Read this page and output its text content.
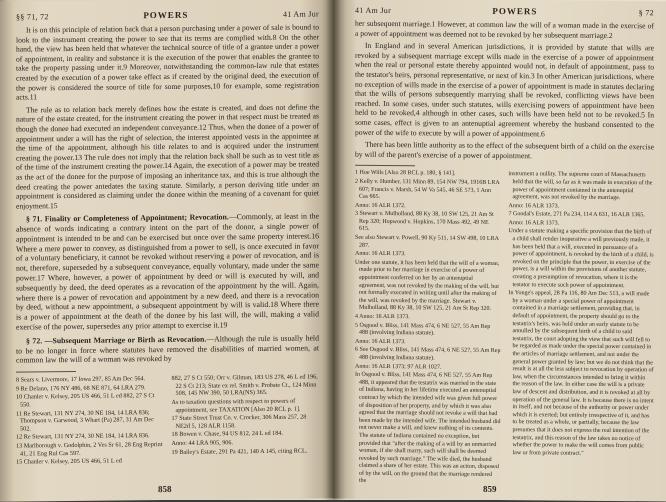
§§ 71, 72	POWERS	41 Am Jur

It is on this principle of relation back that a person purchasing under a power of sale is bound to look to the instrument creating the power to see that its terms are complied with.8 On the other hand, the view has been held that whatever the technical source of title of a grantee under a power of appointment, in reality and substance it is the execution of the power that enables the grantee to take the property passing under it.9 Moreover, notwithstanding the common-law rule that estates created by the execution of a power take effect as if created by the original deed, the execution of the power is considered the source of title for some purposes,10 for example, some registration acts.11

The rule as to relation back merely defines how the estate is created, and does not define the nature of the estate created, for the instrument creating the power in that respect must be treated as though the donee had executed an independent conveyance.12 Thus, when the donee of a power of appointment under a will has the right of selection, the interest appointed vests in the appointee at the time of the appointment, although his title relates to and is acquired under the instrument creating the power.13 The rule does not imply that the relation back shall be such as to vest title as of the time of the instrument creating the power.14 Again, the execution of a power may be treated as the act of the donee for the purpose of imposing an inheritance tax, and this is true although the deed creating the power antedates the taxing statute. Similarly, a person deriving title under an appointment is considered as claiming under the donee within the meaning of a covenant for quiet enjoyment.15

§ 71. Finality or Completeness of Appointment; Revocation.—Commonly, at least in the absence of words indicating a contrary intent on the part of the donor, a single power of appointment is intended to be and can be exercised but once over the same property interest.16 Where a mere power to convey, as distinguished from a power to sell, is once executed in favor of a voluntary beneficiary, it cannot be revoked without reserving a power of revocation, and is not, therefore, superseded by a subsequent conveyance, equally voluntary, made under the same power.17 Where, however, a power of appointment by deed or will is executed by will, and subsequently by deed, the deed operates as a revocation of the appointment by the will. Again, where there is a power of revocation and appointment by a new deed, and there is a revocation by deed, without a new appointment, a subsequent appointment by will is valid.18 Where there is a power of appointment at the death of the donee by his last will, the will, making a valid exercise of the power, supersedes any prior attempt to exercise it.19

§ 72. —Subsequent Marriage or Birth as Revocation.—Although the rule is usually held to be no longer in force where statutes have removed the disabilities of married women, at common law the will of a woman was revoked by

8 Sears v. Livermore, 17 Iowa 297, 85 Am Dec 564.

9 Re Delano, 176 NY 486, 68 NE 871, 64 LRA 279.

10 Chanler v. Kelsey, 205 US 466, 51 L ed 882, 27 S Ct 550.

11 Re Stewart, 131 NY 274, 30 NE 184, 14 LRA 836; Thompson v. Garwood, 3 Whart (Pa) 287, 31 Am Dec 502.

12 Re Stewart, 131 NY 274, 30 NE 184, 14 LRA 836.

13 Marlborough v. Godolphin, 2 Ves Sr 61, 28 Eng Reprint 41, 21 Eng Rul Cas 597.

15 Chanler v. Kelsey, 205 US 466, 51 L ed

882, 27 S Ct 550; Orr v. Gilman, 183 US 278, 46 L ed 196, 22 S Ct 213; State ex rel. Smith v. Probate Ct., 124 Minn 508, 145 NW 390, 50 LRA(NS) 365.

As to taxation questions with respect to powers of appointment, see TAXATION [Also 20 RCL p. 1].

17 State Street Trust Co. v. Crocker, 306 Mass 257, 28 NE2d 5, 128 ALR 1158.

18 Bowen v. Chase, 94 US 812, 24 L ed 184.

Anno: 44 LRA 905, 906.

19 Bailey's Estate, 291 Pa 421, 140 A 145, citing RCL.

858
41 Am Jur	POWERS	§ 72

her subsequent marriage.1 However, at common law the will of a woman made in the exercise of a power of appointment was deemed not to be revoked by her subsequent marriage.2

In England and in several American jurisdictions, it is provided by statute that wills are revoked by a subsequent marriage except wills made in the exercise of a power of appointment when the real or personal estate thereby appointed would not, in default of appointment, pass to the testator's heirs, personal representative, or next of kin.3 In other American jurisdictions, where no exception of wills made in the exercise of a power of appointment is made in statutes declaring that the wills of persons subsequently marrying shall be revoked, conflicting views have been reached. In some cases, under such statutes, wills exercising powers of appointment have been held to be revoked,4 although in other cases, such wills have been held not to be revoked.5 In some cases, effect is given to an antenuptial agreement whereby the husband consented to the power of the wife to execute by will a power of appointment.6

There has been little authority as to the effect of the subsequent birth of a child on the exercise by will of the parent's exercise of a power of appointment.

1 Hoe Wills [Also 28 RCL p. 180, § 141].

2 Kelly v. Humber, 131 Minn 89, 154 NW 794, 1916B LRA 607; Francis v. Marsh, 54 W Va 545, 46 SE 573, 1 Ann Cas 665.

Anno: 16 ALR 1372.

3 Stewart v. Mulholland, 88 Ky 38, 10 SW 125, 21 Am St Rep 320; Hopwood v. Hopkins, 170 Mass 492, 49 NE 615.

See also Stewart v. Powell, 90 Ky 511, 14 SW 498, 10 LRA 287.

Anno: 16 ALR 1373.

Under one statute, it has been held that the will of a woman, made prior to her marriage in exercise of a power of appointment conferred on her by an antenuptial agreement, was not revoked by the making of the will, but not formally executed in writing until after the making of the will, was revoked by the marriage. Stewart v. Mulholland, 88 Ky 38, 10 SW 125, 21 Am St Rep 320.

4 Anno: 16 ALR 1373.

5 Osgood v. Bliss, 141 Mass 474, 6 NE 527, 55 Am Rep 488 (involving Indiana statute).

Anno: 16 ALR 1373.

6 See Osgood v. Bliss, 141 Mass 474, 6 NE 527, 55 Am Rep 488 (involving Indiana statute).

Anno: 16 ALR 1373; 97 ALR 1027.

In Osgood v. Bliss, 141 Mass 474, 6 NE 527, 55 Am Rep 488, it appeared that the testatrix was married in the state of Indiana, having in her lifetime executed an antenuptial contract by which the intended wife was given full power of disposition of her property, and by which it was also agreed that the marriage should not revoke a will that had been made by the intended wife. The intended husband did not never make a will, and knew nothing of its contents. The statute of Indiana contained no exception, but provided that "after the making of a will by an unmarried woman, if she shall marry, such will shall be deemed revoked by such marriage." The wife died, the husband claimed a share of her estate. This was an action, disposed of by the will, on the ground that the marriage rendered the

instrument a nullity. The supreme court of Massachusetts held that the will, so far as it was made in execution of the power of appointment contained in the antenuptial agreement, was not revoked by the marriage.

Anno: 16 ALR 1373.

7 Goodal's Estate, 271 Pa 234, 114 A 631, 16 ALR 1365.

Anno: 16 ALR 1373.

Under a statute making a specific provision that the birth of a child shall render inoperative a will previously made, it has been held that a will, executed in pursuance of a power of appointment, is revoked by the birth of a child, is revoked on the principle that the power, in exercise of the power, is a will within the provisions of another statute, creating a presumption of revocation, where it is the testator to execute such power of appointment.

In Yonge's appeal, 28 Pa 116, 80 Am Dec 513, a will made by a woman under a special power of appointment contained in a marriage settlement, providing that, in default of appointment, the property should go to the testatrix's heirs, was held under an early statute to be annulled by the subsequent birth of a child to said testatrix, the court adopting the view that such will fell to be regarded as made under the special power contained in the articles of marriage settlement, and not under the general power granted by law; but we do not think that the result is at all the less subject to revocation by operation of law, when the circumstances intended to bring it within the reason of the law. In either case the will is a private law of descent and distribution, and it is revoked at all by operation of the general law. It is because there is no intent in itself, and not because of the authority or power under which it is exerted; but entirely irrespective of it, and has to be treated as a whole, or partially, because the law presumes that it does not express the real intention of the testatrix, and this reason of the law takes no notice of whether the power to make the will comes from public law or from private contract."

859
